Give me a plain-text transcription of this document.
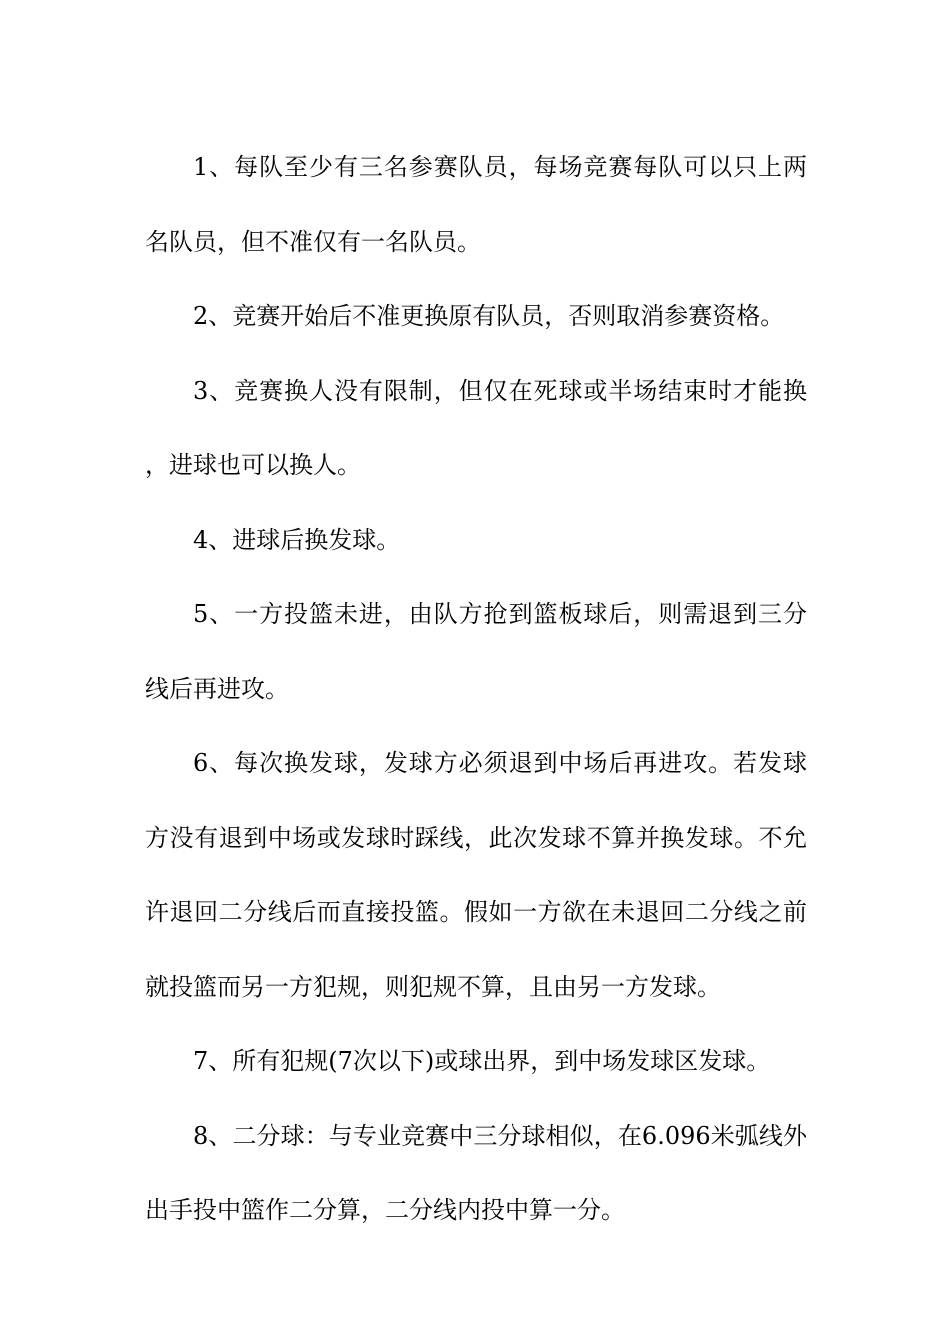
1、每队至少有三名参赛队员，每场竞赛每队可以只上两名队员，但不准仅有一名队员。

2、竞赛开始后不准更换原有队员，否则取消参赛资格。

3、竞赛换人没有限制，但仅在死球或半场结束时才能换，进球也可以换人。

4、进球后换发球。

5、一方投篮未进，由队方抢到篮板球后，则需退到三分线后再进攻。

6、每次换发球，发球方必须退到中场后再进攻。若发球方没有退到中场或发球时踩线，此次发球不算并换发球。不允许退回二分线后而直接投篮。假如一方欲在未退回二分线之前就投篮而另一方犯规，则犯规不算，且由另一方发球。

7、所有犯规(7次以下)或球出界，到中场发球区发球。

8、二分球：与专业竞赛中三分球相似，在6.096米弧线外出手投中篮作二分算，二分线内投中算一分。
